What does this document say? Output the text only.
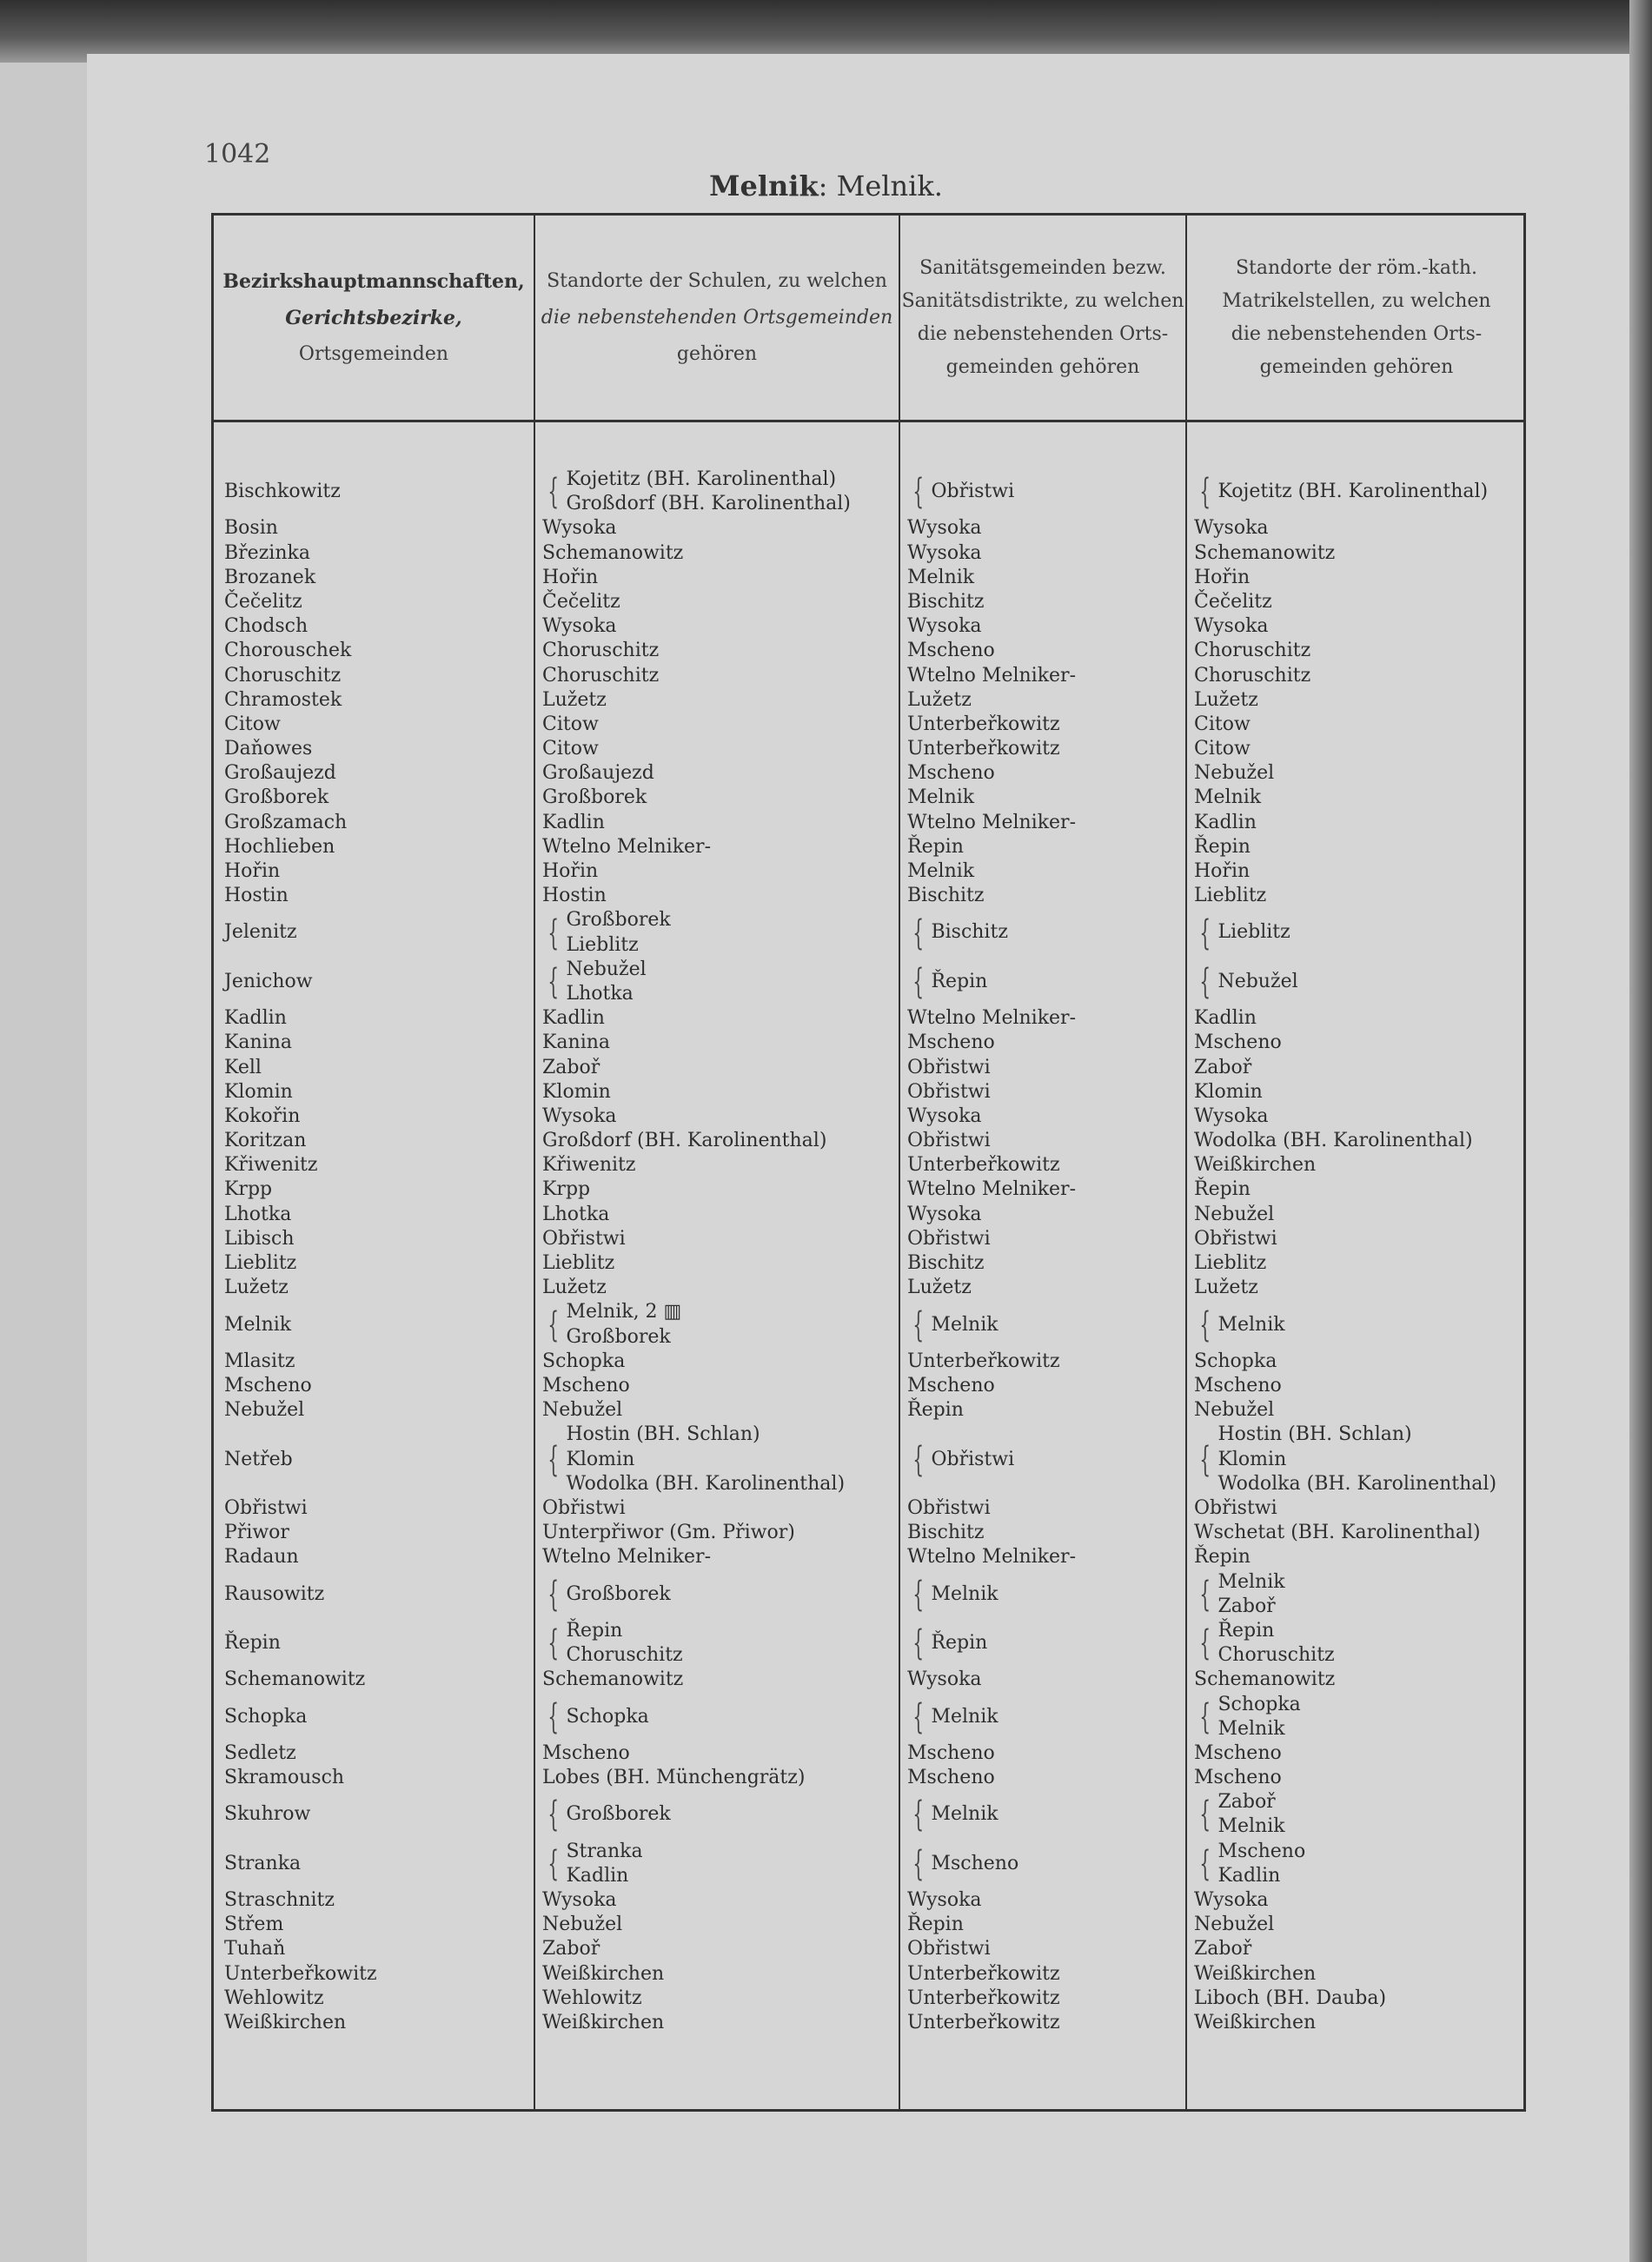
1042
Melnik: Melnik.
Bezirkshauptmannschaften,
Gerichtsbezirke,
Ortsgemeinden
Standorte der Schulen, zu welchen
die nebenstehenden Ortsgemeinden
gehören
Sanitätsgemeinden bezw.
Sanitätsdistrikte, zu welchen
die nebenstehenden Orts-
gemeinden gehören
Standorte der röm.-kath.
Matrikelstellen, zu welchen
die nebenstehenden Orts-
gemeinden gehören
Bischkowitz
Bosin
Březinka
Brozanek
Čečelitz
Chodsch
Chorouschek
Choruschitz
Chramostek
Citow
Daňowes
Großaujezd
Großborek
Großzamach
Hochlieben
Hořin
Hostin
Jelenitz
Jenichow
Kadlin
Kanina
Kell
Klomin
Kokořin
Koritzan
Křiwenitz
Krpp
Lhotka
Libisch
Lieblitz
Lužetz
Melnik
Mlasitz
Mscheno
Nebužel
Netřeb
Obřistwi
Přiwor
Radaun
Rausowitz
Řepin
Schemanowitz
Schopka
Sedletz
Skramousch
Skuhrow
Stranka
Straschnitz
Střem
Tuhaň
Unterbeřkowitz
Wehlowitz
Weißkirchen
{ Kojetitz (BH. Karolinenthal)
Großdorf (BH. Karolinenthal)
Wysoka
Schemanowitz
Hořin
Čečelitz
Wysoka
Choruschitz
Choruschitz
Lužetz
Citow
Citow
Großaujezd
Großborek
Kadlin
Wtelno Melniker-
Hořin
Hostin
{ Großborek
Lieblitz
{ Nebužel
Lhotka
Kadlin
Kanina
Zaboř
Klomin
Wysoka
Großdorf (BH. Karolinenthal)
Křiwenitz
Krpp
Lhotka
Obřistwi
Lieblitz
Lužetz
{ Melnik, 2 ▥
Großborek
Schopka
Mscheno
Nebužel
{
Hostin (BH. Schlan)
Klomin
Wodolka (BH. Karolinenthal)
Obřistwi
Unterpřiwor (Gm. Přiwor)
Wtelno Melniker-
{ Großborek
{ Řepin
Choruschitz
Schemanowitz
{ Schopka
Mscheno
Lobes (BH. Münchengrätz)
{ Großborek
{ Stranka
Kadlin
Wysoka
Nebužel
Zaboř
Weißkirchen
Wehlowitz
Weißkirchen
{ Obřistwi
Wysoka
Wysoka
Melnik
Bischitz
Wysoka
Mscheno
Wtelno Melniker-
Lužetz
Unterbeřkowitz
Unterbeřkowitz
Mscheno
Melnik
Wtelno Melniker-
Řepin
Melnik
Bischitz
{ Bischitz
{ Řepin
Wtelno Melniker-
Mscheno
Obřistwi
Obřistwi
Wysoka
Obřistwi
Unterbeřkowitz
Wtelno Melniker-
Wysoka
Obřistwi
Bischitz
Lužetz
{ Melnik
Unterbeřkowitz
Mscheno
Řepin
{ Obřistwi
Obřistwi
Bischitz
Wtelno Melniker-
{ Melnik
{ Řepin
Wysoka
{ Melnik
Mscheno
Mscheno
{ Melnik
{ Mscheno
Wysoka
Řepin
Obřistwi
Unterbeřkowitz
Unterbeřkowitz
Unterbeřkowitz
{ Kojetitz (BH. Karolinenthal)
Wysoka
Schemanowitz
Hořin
Čečelitz
Wysoka
Choruschitz
Choruschitz
Lužetz
Citow
Citow
Nebužel
Melnik
Kadlin
Řepin
Hořin
Lieblitz
{ Lieblitz
{ Nebužel
Kadlin
Mscheno
Zaboř
Klomin
Wysoka
Wodolka (BH. Karolinenthal)
Weißkirchen
Řepin
Nebužel
Obřistwi
Lieblitz
Lužetz
{ Melnik
Schopka
Mscheno
Nebužel
{
Hostin (BH. Schlan)
Klomin
Wodolka (BH. Karolinenthal)
Obřistwi
Wschetat (BH. Karolinenthal)
Řepin
{ Melnik
Zaboř
{ Řepin
Choruschitz
Schemanowitz
{ Schopka
Melnik
Mscheno
Mscheno
{ Zaboř
Melnik
{ Mscheno
Kadlin
Wysoka
Nebužel
Zaboř
Weißkirchen
Liboch (BH. Dauba)
Weißkirchen
